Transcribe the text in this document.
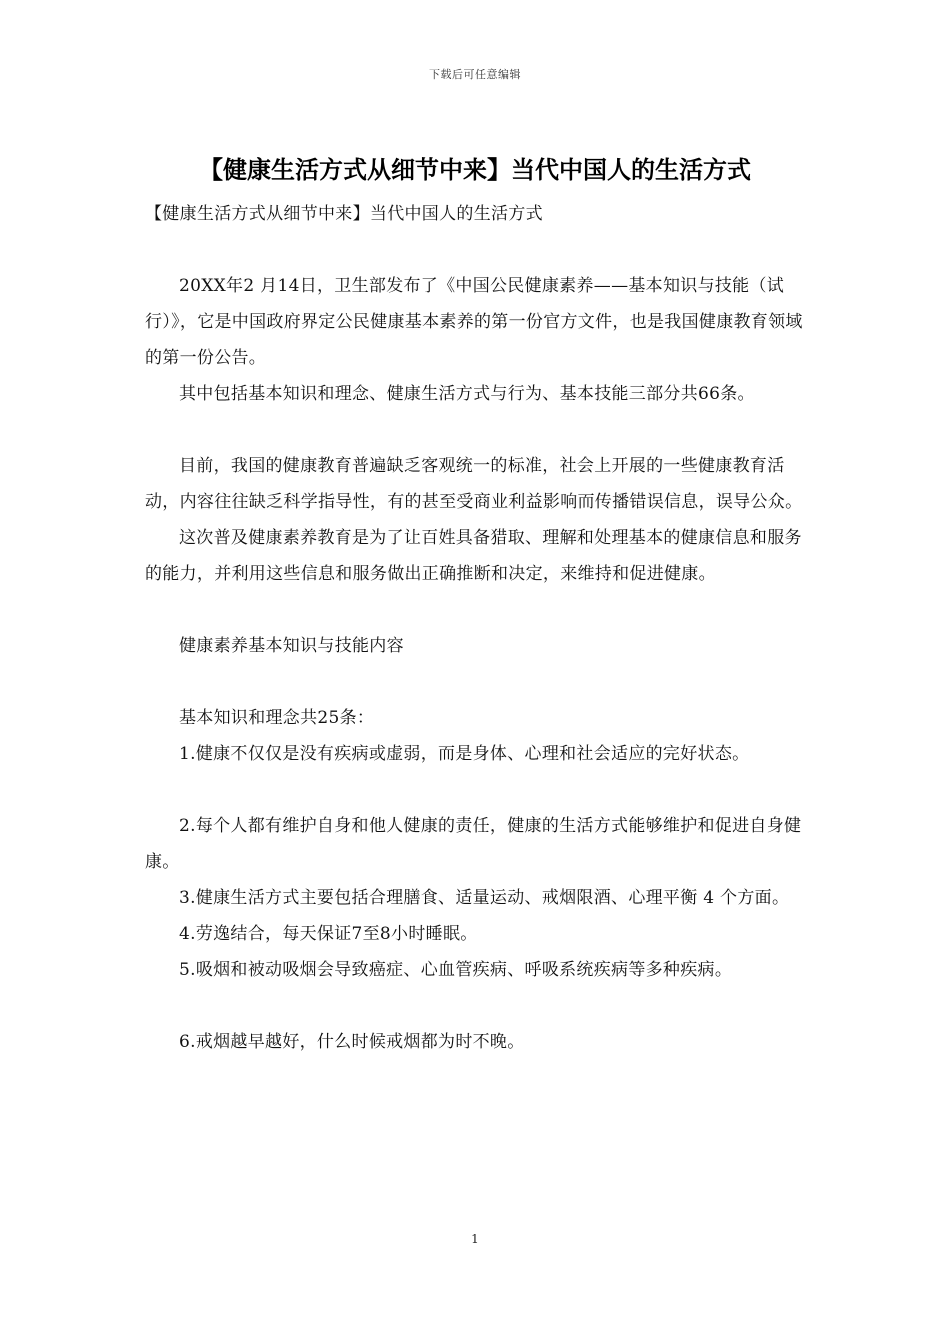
下载后可任意编辑
【健康生活方式从细节中来】当代中国人的生活方式

【健康生活方式从细节中来】当代中国人的生活方式

20XX年2 月14日，卫生部发布了《中国公民健康素养——基本知识与技能（试行）》，它是中国政府界定公民健康基本素养的第一份官方文件，也是我国健康教育领域的第一份公告。

其中包括基本知识和理念、健康生活方式与行为、基本技能三部分共66条。

目前，我国的健康教育普遍缺乏客观统一的标准，社会上开展的一些健康教育活动，内容往往缺乏科学指导性，有的甚至受商业利益影响而传播错误信息，误导公众。

这次普及健康素养教育是为了让百姓具备猎取、理解和处理基本的健康信息和服务的能力，并利用这些信息和服务做出正确推断和决定，来维持和促进健康。

健康素养基本知识与技能内容

基本知识和理念共25条：

1.健康不仅仅是没有疾病或虚弱，而是身体、心理和社会适应的完好状态。

2.每个人都有维护自身和他人健康的责任，健康的生活方式能够维护和促进自身健康。

3.健康生活方式主要包括合理膳食、适量运动、戒烟限酒、心理平衡 4 个方面。

4.劳逸结合，每天保证7至8小时睡眠。

5.吸烟和被动吸烟会导致癌症、心血管疾病、呼吸系统疾病等多种疾病。

6.戒烟越早越好，什么时候戒烟都为时不晚。

1
